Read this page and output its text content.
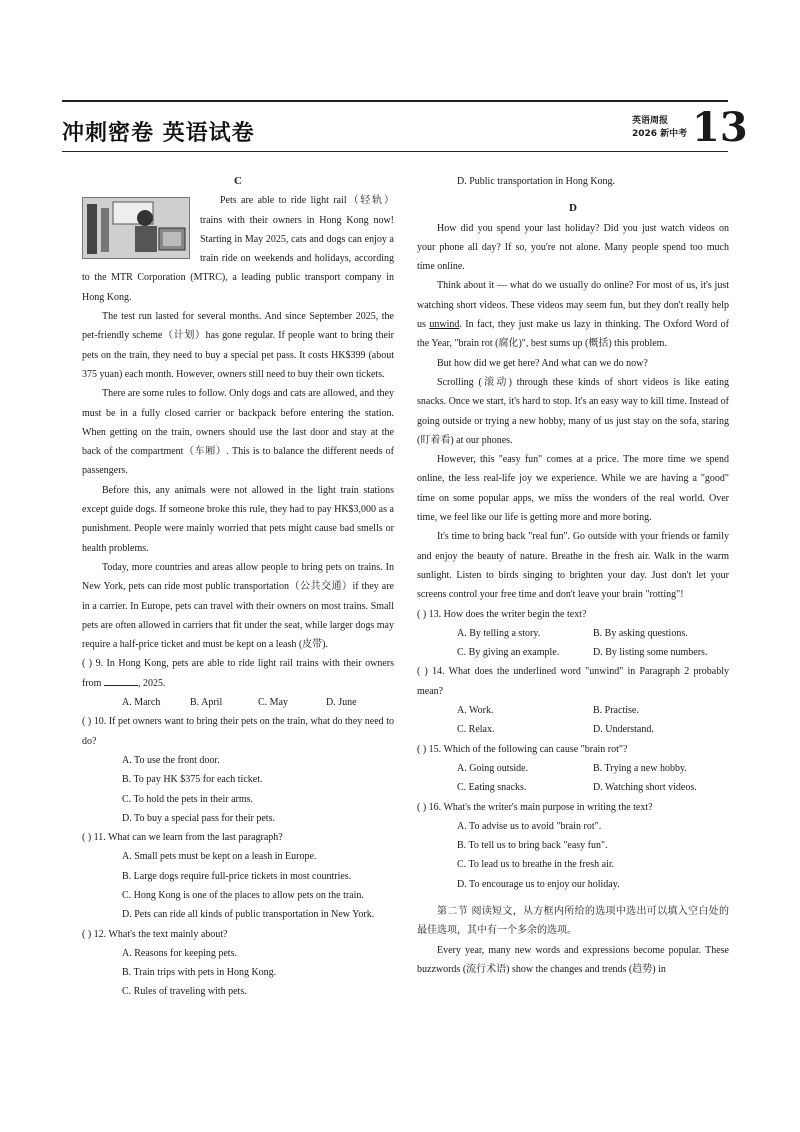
冲刺密卷 英语试卷	英语周报
2026 新中考 13

C

Pets are able to ride light rail（轻轨）trains with their owners in Hong Kong now! Starting in May 2025, cats and dogs can enjoy a train ride on weekends and holidays, according to the MTR Corporation (MTRC), a leading public transport company in Hong Kong.

The test run lasted for several months. And since September 2025, the pet-friendly scheme（计划）has gone regular. If people want to bring their pets on the train, they need to buy a special pet pass. It costs HK$399 (about 375 yuan) each month. However, owners still need to buy their own tickets.

There are some rules to follow. Only dogs and cats are allowed, and they must be in a fully closed carrier or backpack before entering the station. When getting on the train, owners should use the last door and stay at the back of the compartment（车厢）. This is to balance the different needs of passengers.

Before this, any animals were not allowed in the light train stations except guide dogs. If someone broke this rule, they had to pay HK$3,000 as a punishment. People were mainly worried that pets might cause bad smells or health problems.

Today, more countries and areas allow people to bring pets on trains. In New York, pets can ride most public transportation（公共交通）if they are in a carrier. In Europe, pets can travel with their owners on most trains. Small pets are often allowed in carriers that fit under the seat, while larger dogs may require a half-price ticket and must be kept on a leash (皮带).

( ) 9. In Hong Kong, pets are able to ride light rail trains with their owners from	, 2025.

A. March	B. April	C. May	D. June

( ) 10. If pet owners want to bring their pets on the train, what do they need to do?

A. To use the front door.

B. To pay HK $375 for each ticket.

C. To hold the pets in their arms.

D. To buy a special pass for their pets.

( ) 11. What can we learn from the last paragraph?

A. Small pets must be kept on a leash in Europe.

B. Large dogs require full-price tickets in most countries.

C. Hong Kong is one of the places to allow pets on the train.

D. Pets can ride all kinds of public transportation in New York.

( ) 12. What's the text mainly about?

A. Reasons for keeping pets.

B. Train trips with pets in Hong Kong.

C. Rules of traveling with pets.

D. Public transportation in Hong Kong.

D

How did you spend your last holiday? Did you just watch videos on your phone all day? If so, you're not alone. Many people spend too much time online.

Think about it — what do we usually do online? For most of us, it's just watching short videos. These videos may seem fun, but they don't really help us unwind. In fact, they just make us lazy in thinking. The Oxford Word of the Year, "brain rot (腐化)", best sums up (概括) this problem.

But how did we get here? And what can we do now?

Scrolling (滚动) through these kinds of short videos is like eating snacks. Once we start, it's hard to stop. It's an easy way to kill time. Instead of going outside or trying a new hobby, many of us just stay on the sofa, staring (盯着看) at our phones.

However, this "easy fun" comes at a price. The more time we spend online, the less real-life joy we experience. While we are having a "good" time on some popular apps, we miss the wonders of the real world. Over time, we feel like our life is getting more and more boring.

It's time to bring back "real fun". Go outside with your friends or family and enjoy the beauty of nature. Breathe in the fresh air. Walk in the warm sunlight. Listen to birds singing to brighten your day. Just don't let your screens control your free time and don't leave your brain "rotting"!

( ) 13. How does the writer begin the text?

A. By telling a story.	B. By asking questions.
C. By giving an example.	D. By listing some numbers.

( ) 14. What does the underlined word "unwind" in Paragraph 2 probably mean?

A. Work.	B. Practise.
C. Relax.	D. Understand.

( ) 15. Which of the following can cause "brain rot"?

A. Going outside.	B. Trying a new hobby.
C. Eating snacks.	D. Watching short videos.

( ) 16. What's the writer's main purpose in writing the text?

A. To advise us to avoid "brain rot".

B. To tell us to bring back "easy fun".

C. To lead us to breathe in the fresh air.

D. To encourage us to enjoy our holiday.

第二节 阅读短文，从方框内所给的选项中选出可以填入空白处的最佳选项，其中有一个多余的选项。

Every year, many new words and expressions become popular. These buzzwords (流行术语) show the changes and trends (趋势) in
